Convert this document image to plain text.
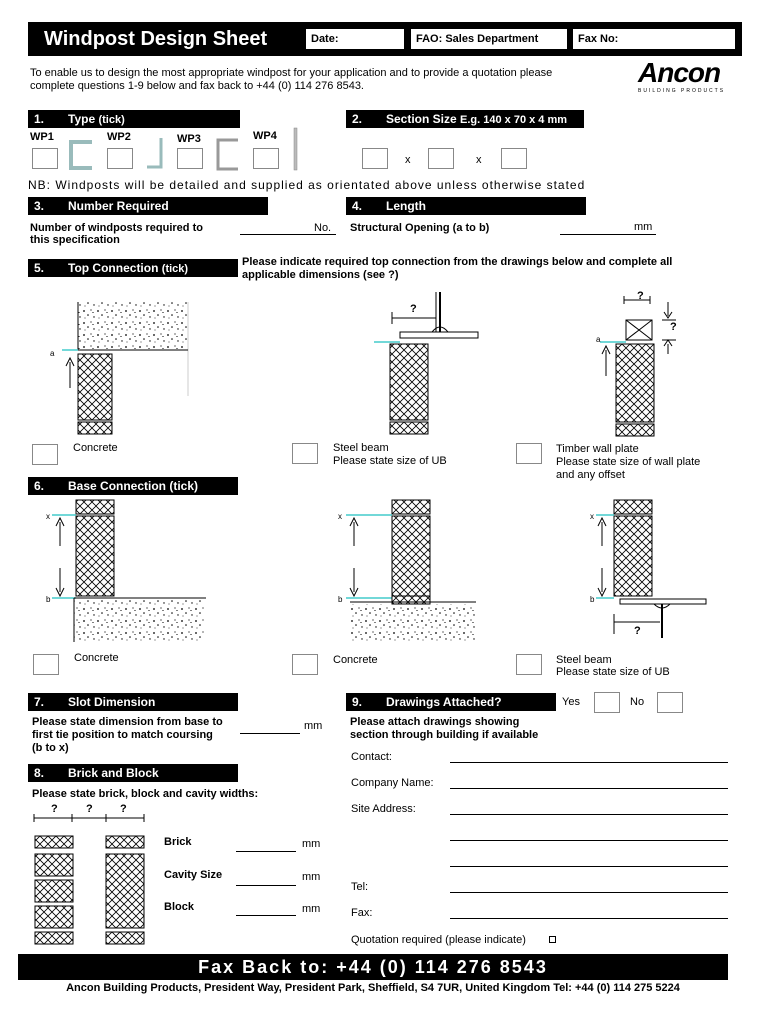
Windpost Design Sheet	Date:	FAO: Sales Department	Fax No:
To enable us to design the most appropriate windpost for your application and to provide a quotation please
complete questions 1-9 below and fax back to +44 (0) 114 276 8543.	Ancon
BUILDING PRODUCTS
1. Type (tick)
WP1	WP2	WP3	WP4
2. Section Size E.g. 140 x 70 x 4 mm
x	x
NB: Windposts will be detailed and supplied as orientated above unless otherwise stated
3. Number Required
Number of windposts required to
this specification
No.
4. Length
Structural Opening (a to b)	mm
5. Top Connection (tick)
Please indicate required top connection from the drawings below and complete all
applicable dimensions (see ?)
a
?
?
?
a
Concrete	Steel beam
Please state size of UB
Timber wall plate
Please state size of wall plate
and any offset
6. Base Connection (tick)
x
b
x
b
x
b
?
Concrete	Concrete	Steel beam
Please state size of UB
7. Slot Dimension
Please state dimension from base to
first tie position to match coursing
(b to x)
mm
8. Brick and Block
Please state brick, block and cavity widths:
?	? ?
Brick	mm
Cavity Size	mm
Block	mm
9. Drawings Attached?	Yes	No
Please attach drawings showing
section through building if available
Contact:
Company Name:
Site Address:
Tel:
Fax:
Quotation required (please indicate)
Fax Back to: +44 (0) 114 276 8543
Ancon Building Products, President Way, President Park, Sheffield, S4 7UR, United Kingdom Tel: +44 (0) 114 275 5224
